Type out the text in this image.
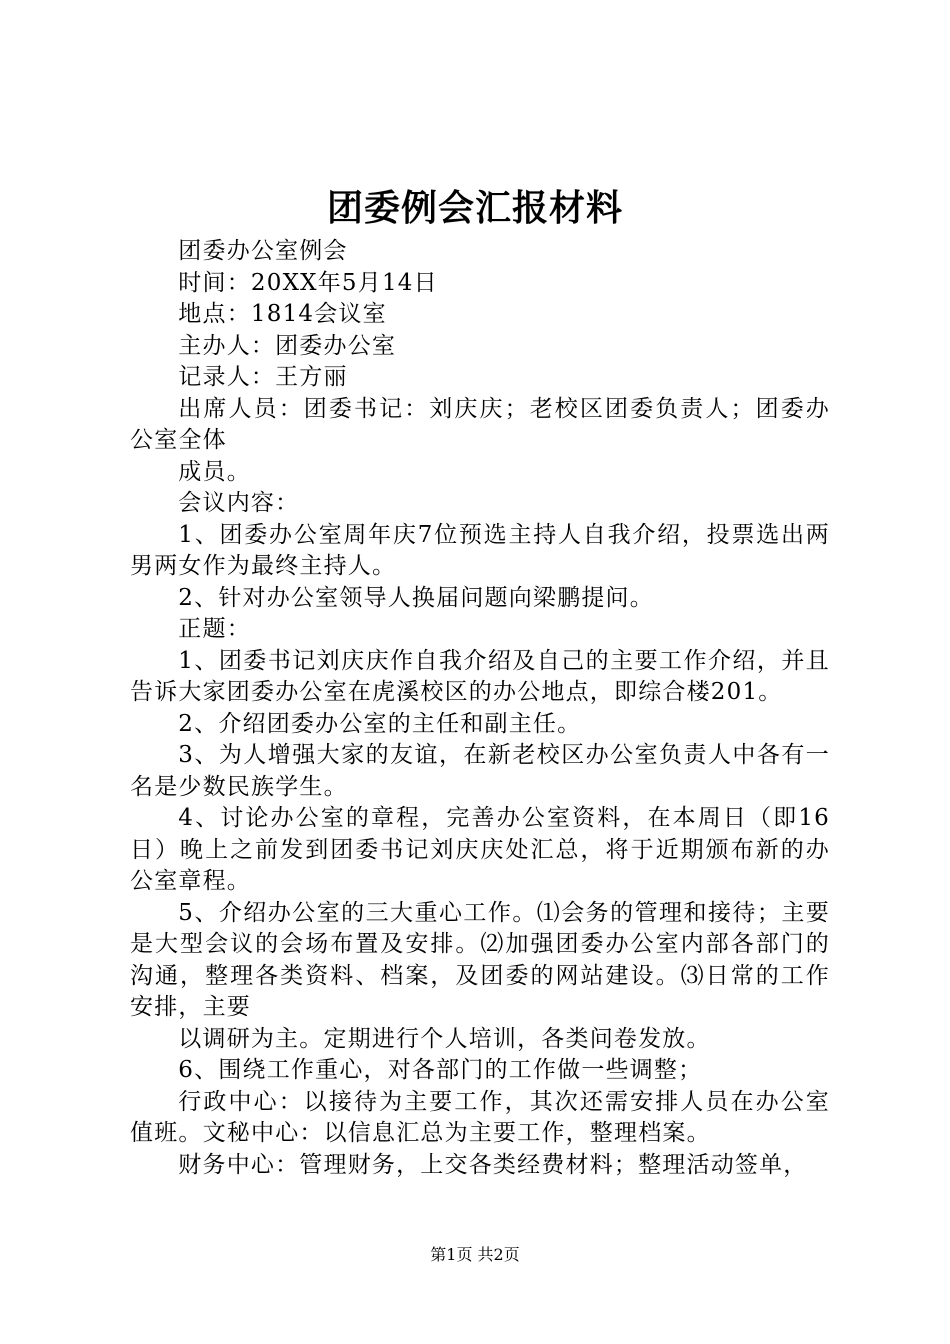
团委例会汇报材料

团委办公室例会

时间：20XX年5月14日

地点：1814会议室

主办人：团委办公室

记录人：王方丽

出席人员：团委书记：刘庆庆；老校区团委负责人；团委办公室全体

成员。

会议内容：

1、团委办公室周年庆7位预选主持人自我介绍，投票选出两男两女作为最终主持人。

2、针对办公室领导人换届问题向梁鹏提问。

正题：

1、团委书记刘庆庆作自我介绍及自己的主要工作介绍，并且告诉大家团委办公室在虎溪校区的办公地点，即综合楼201。

2、介绍团委办公室的主任和副主任。

3、为人增强大家的友谊，在新老校区办公室负责人中各有一名是少数民族学生。

4、讨论办公室的章程，完善办公室资料，在本周日（即16日）晚上之前发到团委书记刘庆庆处汇总，将于近期颁布新的办公室章程。

5、介绍办公室的三大重心工作。⑴会务的管理和接待；主要是大型会议的会场布置及安排。⑵加强团委办公室内部各部门的沟通，整理各类资料、档案，及团委的网站建设。⑶日常的工作安排，主要

以调研为主。定期进行个人培训，各类问卷发放。

6、围绕工作重心，对各部门的工作做一些调整；

行政中心：以接待为主要工作，其次还需安排人员在办公室值班。文秘中心：以信息汇总为主要工作，整理档案。

财务中心：管理财务，上交各类经费材料；整理活动签单，

第1页 共2页
